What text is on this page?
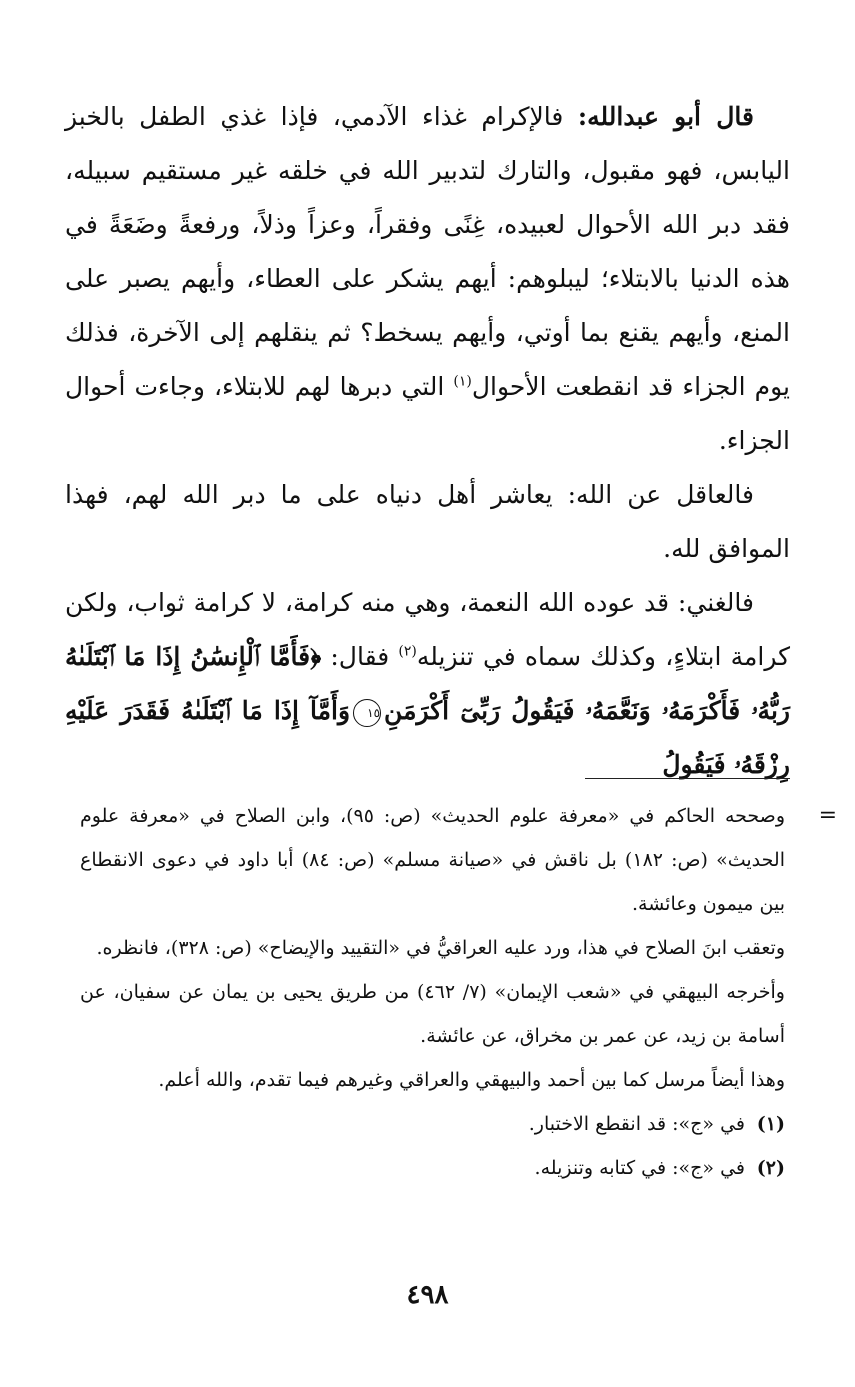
قال أبو عبدالله: فالإكرام غذاء الآدمي، فإذا غذي الطفل بالخبز اليابس، فهو مقبول، والتارك لتدبير الله في خلقه غير مستقيم سبيله، فقد دبر الله الأحوال لعبيده، غِنًى وفقراً، وعزاً وذلاً، ورفعةً وضَعَةً في هذه الدنيا بالابتلاء؛ ليبلوهم: أيهم يشكر على العطاء، وأيهم يصبر على المنع، وأيهم يقنع بما أوتي، وأيهم يسخط؟ ثم ينقلهم إلى الآخرة، فذلك يوم الجزاء قد انقطعت الأحوال$^{(١)}$ التي دبرها لهم للابتلاء، وجاءت أحوال الجزاء.

فالعاقل عن الله: يعاشر أهل دنياه على ما دبر الله لهم، فهذا الموافق لله.

فالغني: قد عوده الله النعمة، وهي منه كرامة، لا كرامة ثواب، ولكن كرامة ابتلاءٍ، وكذلك سماه في تنزيله$^{(٢)}$ فقال: ﴿فَأَمَّا ٱلْإِنسَٰنُ إِذَا مَا ٱبْتَلَىٰهُ رَبُّهُۥ فَأَكْرَمَهُۥ وَنَعَّمَهُۥ فَيَقُولُ رَبِّىٓ أَكْرَمَنِ١٥وَأَمَّآ إِذَا مَا ٱبْتَلَىٰهُ فَقَدَرَ عَلَيْهِ رِزْقَهُۥ فَيَقُولُ

=
وصححه الحاكم في «معرفة علوم الحديث» (ص: ٩٥)، وابن الصلاح في «معرفة علوم الحديث» (ص: ١٨٢) بل ناقش في «صيانة مسلم» (ص: ٨٤) أبا داود في دعوى الانقطاع بين ميمون وعائشة.

وتعقب ابنَ الصلاح في هذا، ورد عليه العراقيُّ في «التقييد والإيضاح» (ص: ٣٢٨)، فانظره.

وأخرجه البيهقي في «شعب الإيمان» (٧/ ٤٦٢) من طريق يحيى بن يمان عن سفيان، عن أسامة بن زيد، عن عمر بن مخراق، عن عائشة.

وهذا أيضاً مرسل كما بين أحمد والبيهقي والعراقي وغيرهم فيما تقدم، والله أعلم.

(١)في «ج»: قد انقطع الاختبار.

(٢)في «ج»: في كتابه وتنزيله.

٤٩٨
